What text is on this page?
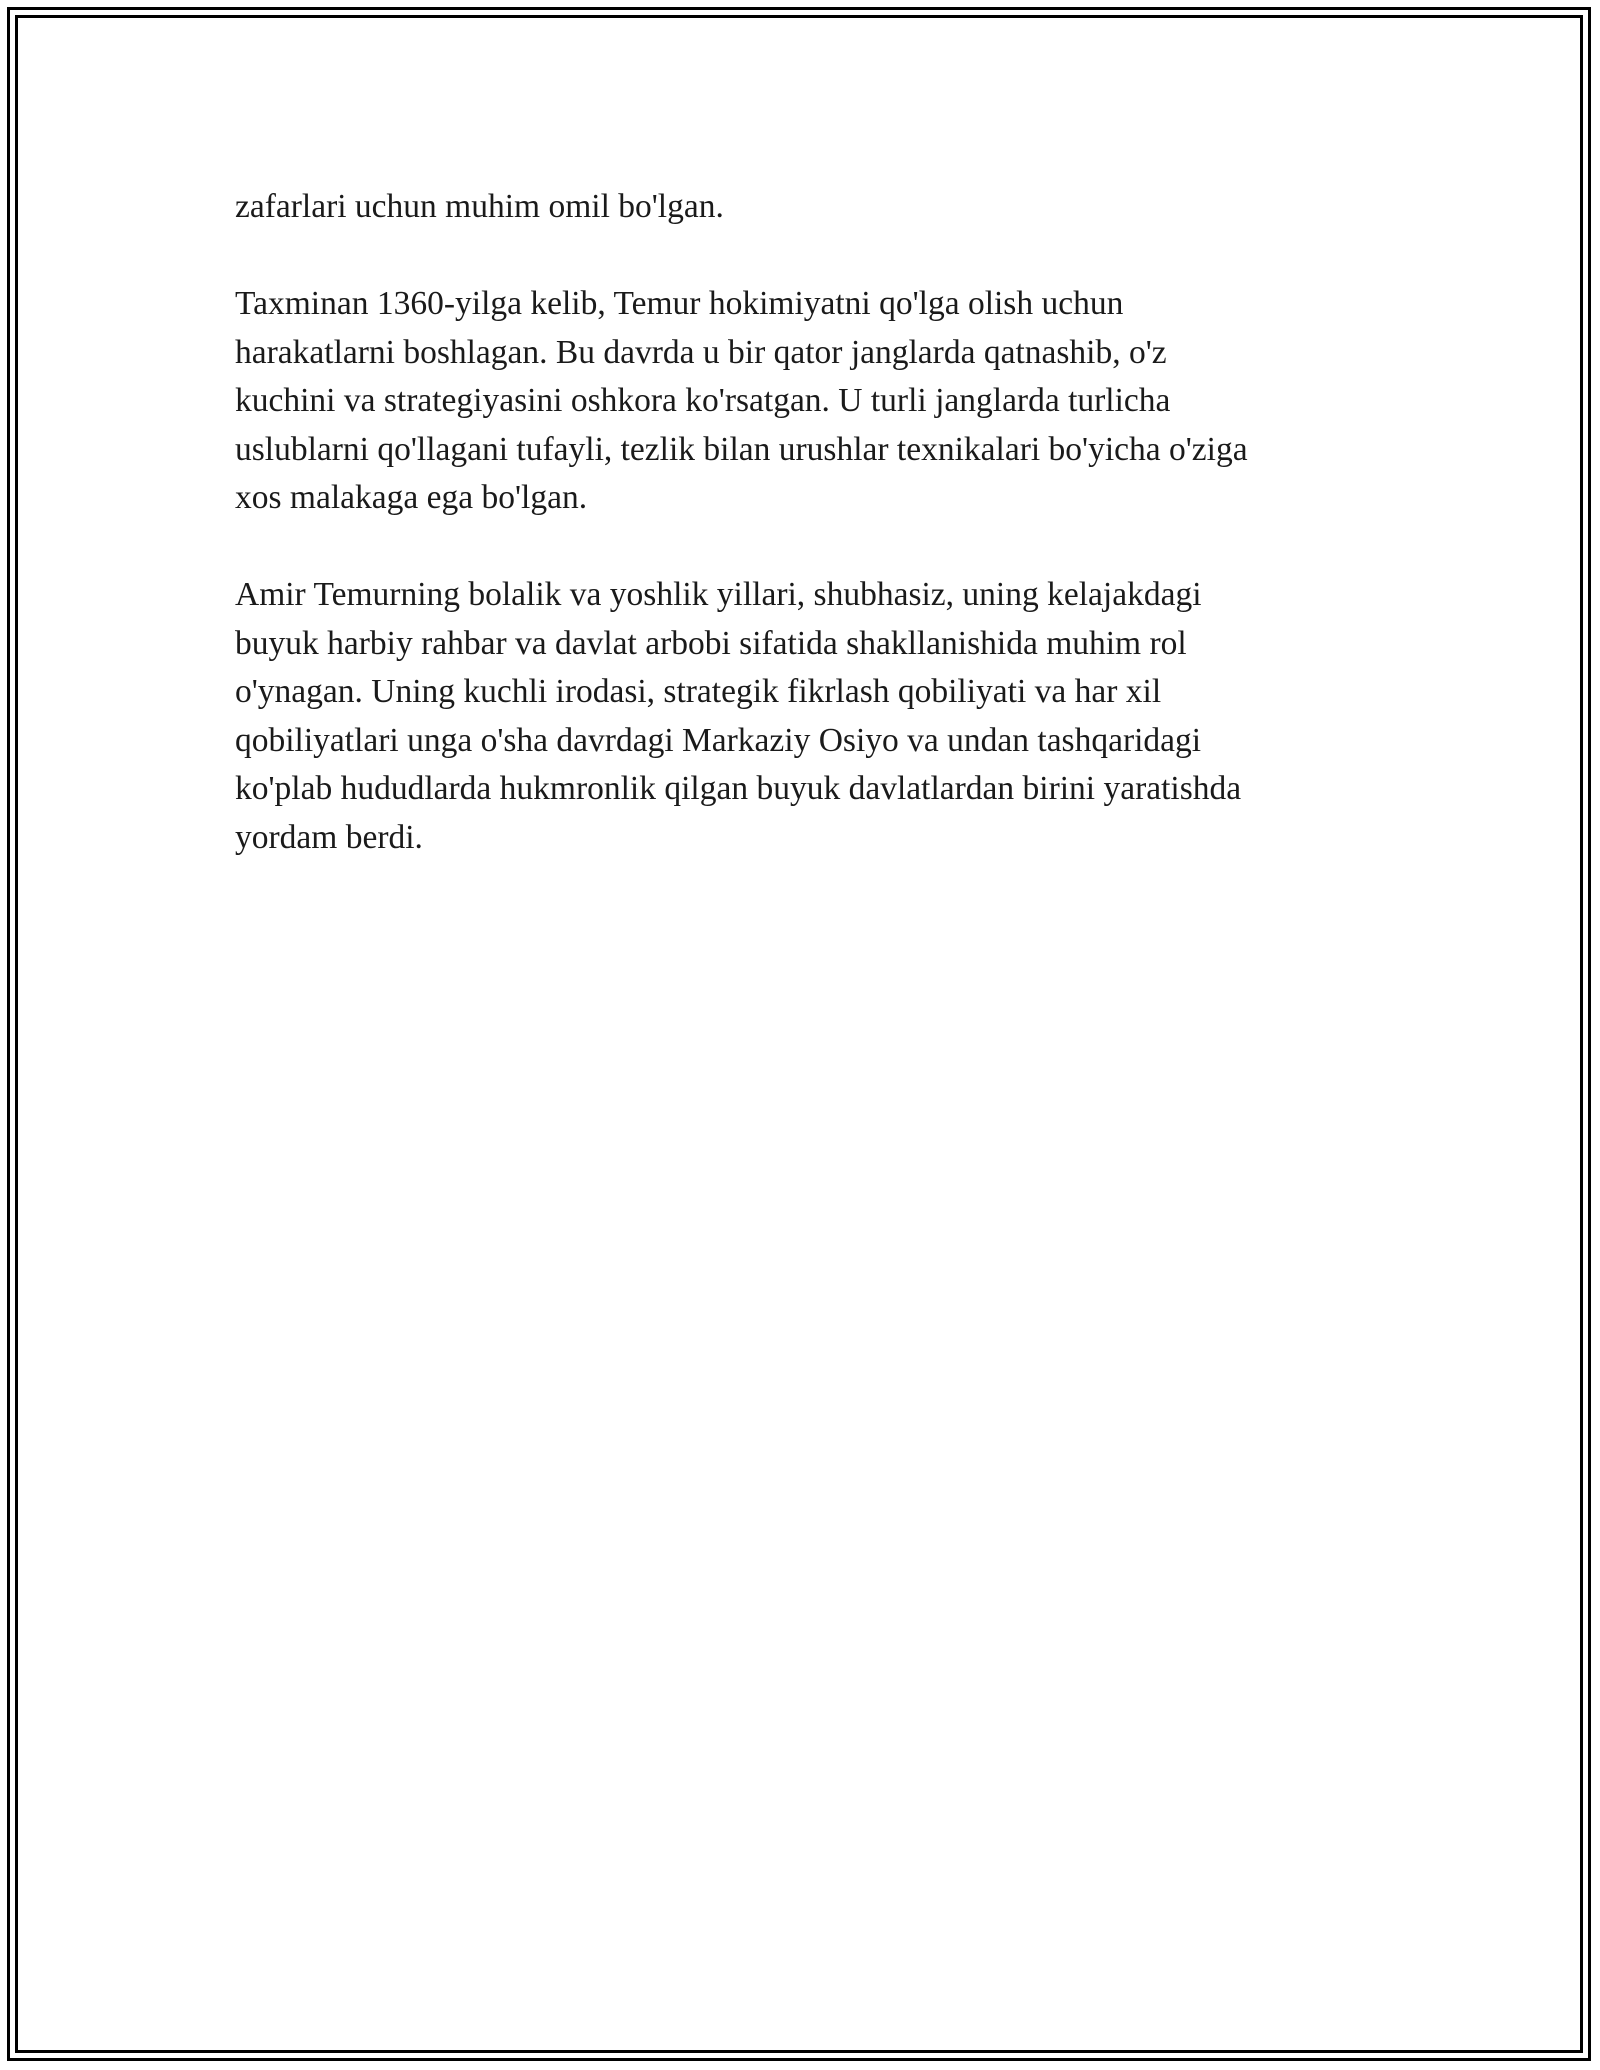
zafarlari uchun muhim omil bo'lgan.

Taxminan 1360-yilga kelib, Temur hokimiyatni qo'lga olish uchun
harakatlarni boshlagan. Bu davrda u bir qator janglarda qatnashib, o'z
kuchini va strategiyasini oshkora ko'rsatgan. U turli janglarda turlicha
uslublarni qo'llagani tufayli, tezlik bilan urushlar texnikalari bo'yicha o'ziga
xos malakaga ega bo'lgan.

Amir Temurning bolalik va yoshlik yillari, shubhasiz, uning kelajakdagi
buyuk harbiy rahbar va davlat arbobi sifatida shakllanishida muhim rol
o'ynagan. Uning kuchli irodasi, strategik fikrlash qobiliyati va har xil
qobiliyatlari unga o'sha davrdagi Markaziy Osiyo va undan tashqaridagi
ko'plab hududlarda hukmronlik qilgan buyuk davlatlardan birini yaratishda
yordam berdi.
